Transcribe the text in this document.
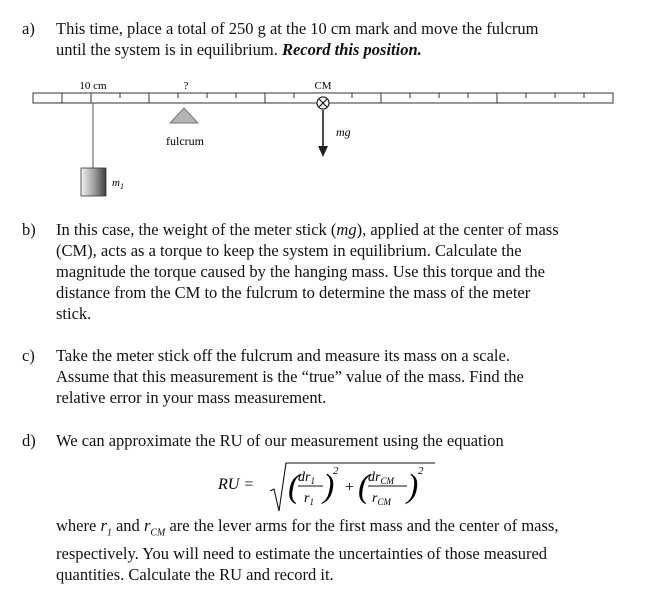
a) This time, place a total of 250 g at the 10 cm mark and move the fulcrum
until the system is in equilibrium. Record this position.
10 cm	?	CM
mg
fulcrum
$m_1$
b) In this case, the weight of the meter stick (mg), applied at the center of mass
(CM), acts as a torque to keep the system in equilibrium. Calculate the
magnitude the torque caused by the hanging mass. Use this torque and the
distance from the CM to the fulcrum to determine the mass of the meter
stick.
c) Take the meter stick off the fulcrum and measure its mass on a scale.
Assume that this measurement is the “true” value of the mass. Find the
relative error in your mass measurement.
d) We can approximate the RU of our measurement using the equation
RU = (
$dr_1$
$r_1$ )
2
+ (
$dr_{CM}$
$r_{CM}$ ) 2
where $r_1$ and $r_{CM}$ are the lever arms for the first mass and the center of mass,
respectively. You will need to estimate the uncertainties of those measured
quantities. Calculate the RU and record it.
